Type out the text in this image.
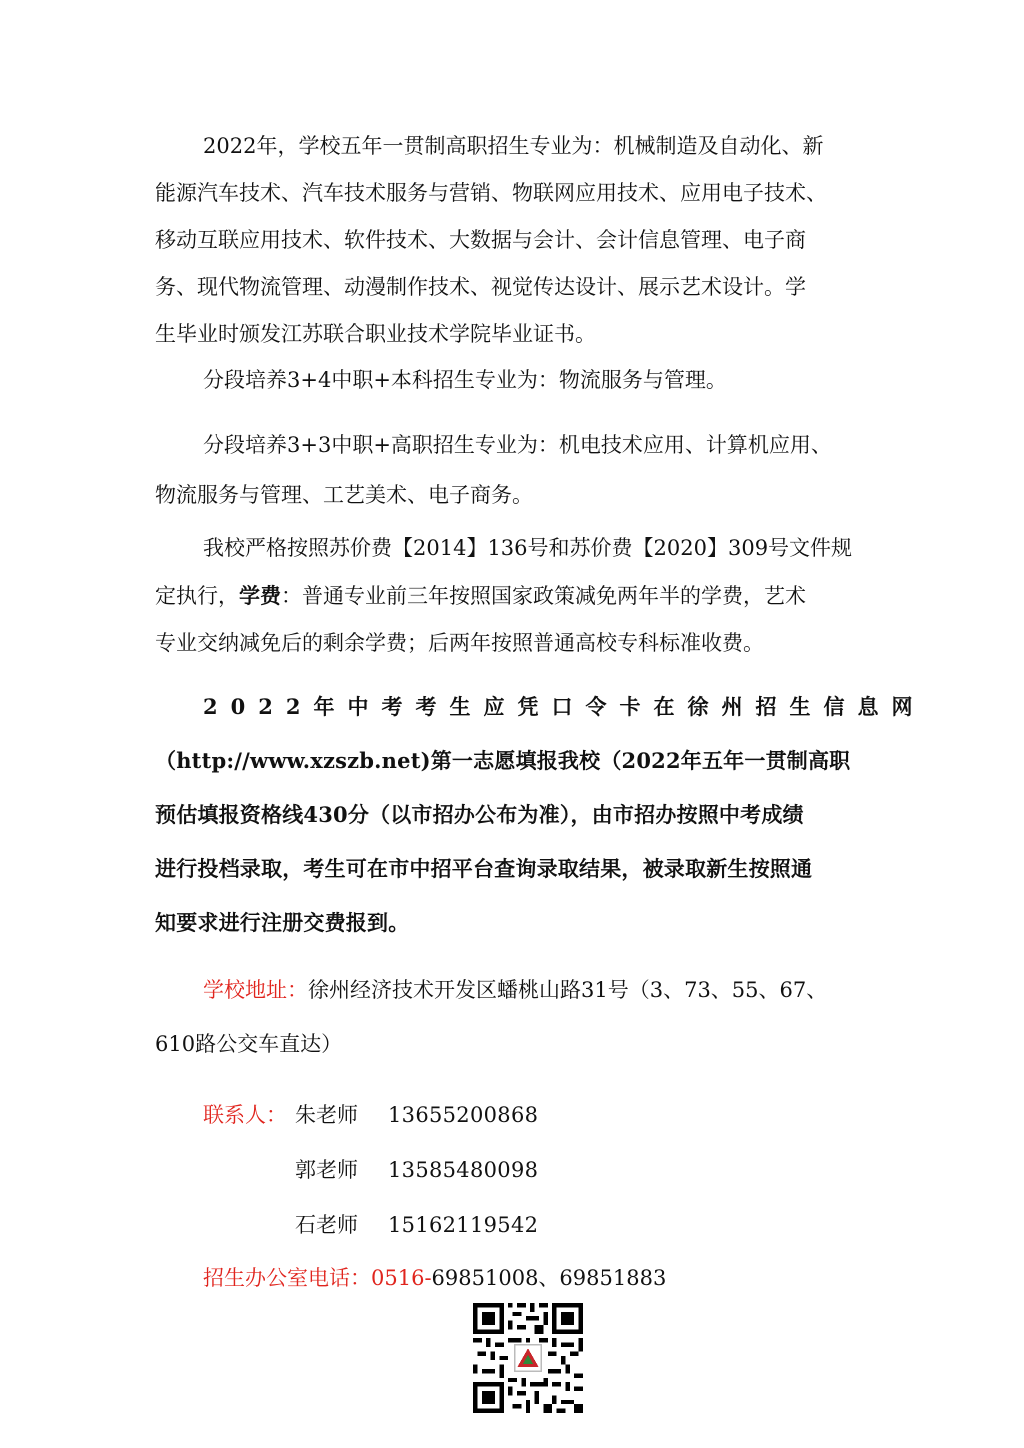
2022年，学校五年一贯制高职招生专业为：机械制造及自动化、新
能源汽车技术、汽车技术服务与营销、物联网应用技术、应用电子技术、
移动互联应用技术、软件技术、大数据与会计、会计信息管理、电子商
务、现代物流管理、动漫制作技术、视觉传达设计、展示艺术设计。学
生毕业时颁发江苏联合职业技术学院毕业证书。
分段培养3+4中职+本科招生专业为：物流服务与管理。
分段培养3+3中职+高职招生专业为：机电技术应用、计算机应用、
物流服务与管理、工艺美术、电子商务。
我校严格按照苏价费【2014】136号和苏价费【2020】309号文件规
定执行，学费：普通专业前三年按照国家政策减免两年半的学费，艺术
专业交纳减免后的剩余学费；后两年按照普通高校专科标准收费。
2022年中考考生应凭口令卡在徐州招生信息网
（http://www.xzszb.net)第一志愿填报我校（2022年五年一贯制高职
预估填报资格线430分（以市招办公布为准），由市招办按照中考成绩
进行投档录取，考生可在市中招平台查询录取结果，被录取新生按照通
知要求进行注册交费报到。
学校地址：徐州经济技术开发区蟠桃山路31号（3、73、55、67、
610路公交车直达）
联系人： 朱老师 13655200868
郭老师 13585480098
石老师 15162119542
招生办公室电话：0516-69851008、69851883
